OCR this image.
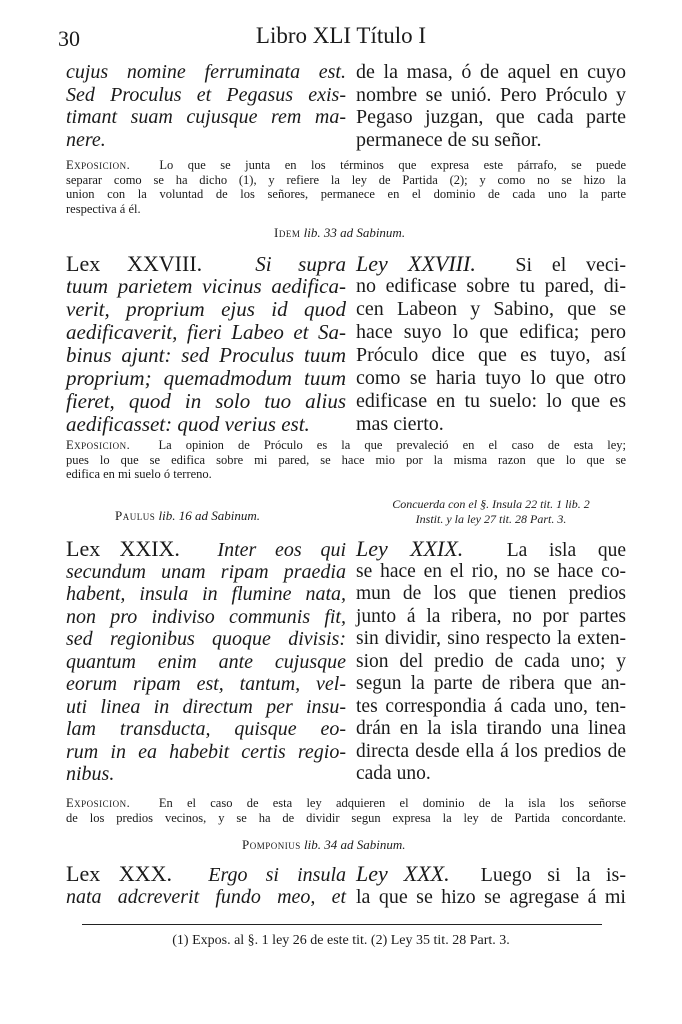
30	Libro XLI Título I
cujus nomine ferruminata est.
Sed Proculus et Pegasus exis-
timant suam cujusque rem ma-
nere.
de la masa, ó de aquel en cuyo
nombre se unió. Pero Próculo y
Pegaso juzgan, que cada parte
permanece de su señor.
Exposicion. Lo que se junta en los términos que expresa este párrafo, se puede
separar como se ha dicho (1), y refiere la ley de Partida (2); y como no se hizo la
union con la voluntad de los señores, permanece en el dominio de cada uno la parte
respectiva á él.
Idem lib. 33 ad Sabinum.
Lex XXVIII.	Si supra
tuum parietem vicinus aedifica-
verit, proprium ejus id quod
aedificaverit, fieri Labeo et Sa-
binus ajunt: sed Proculus tuum
proprium; quemadmodum tuum
fieret, quod in solo tuo alius
aedificasset: quod verius est.
Ley XXVIII. Si el veci-
no edificase sobre tu pared, di-
cen Labeon y Sabino, que se
hace suyo lo que edifica; pero
Próculo dice que es tuyo, así
como se haria tuyo lo que otro
edificase en tu suelo: lo que es
mas cierto.
Exposicion. La opinion de Próculo es la que prevaleció en el caso de esta ley;
pues lo que se edifica sobre mi pared, se hace mio por la misma razon que lo que se
edifica en mi suelo ó terreno.
Paulus lib. 16 ad Sabinum.
Concuerda con el §. Insula 22 tit. 1 lib. 2
Instit. y la ley 27 tit. 28 Part. 3.
Lex XXIX. Inter eos qui
secundum unam ripam praedia
habent, insula in flumine nata,
non pro indiviso communis fit,
sed regionibus quoque divisis:
quantum enim ante cujusque
eorum ripam est, tantum, vel-
uti linea in directum per insu-
lam transducta, quisque eo-
rum in ea habebit certis regio-
nibus.
Ley XXIX. La isla que
se hace en el rio, no se hace co-
mun de los que tienen predios
junto á la ribera, no por partes
sin dividir, sino respecto la exten-
sion del predio de cada uno; y
segun la parte de ribera que an-
tes correspondia á cada uno, ten-
drán en la isla tirando una linea
directa desde ella á los predios de
cada uno.
Exposicion. En el caso de esta ley adquieren el dominio de la isla los señorse
de los predios vecinos, y se ha de dividir segun expresa la ley de Partida concordante.
Pomponius lib. 34 ad Sabinum.
Lex XXX. Ergo si insula
nata adcreverit fundo meo, et
Ley XXX. Luego si la is-
la que se hizo se agregase á mi
(1) Expos. al §. 1 ley 26 de este tit. (2) Ley 35 tit. 28 Part. 3.
